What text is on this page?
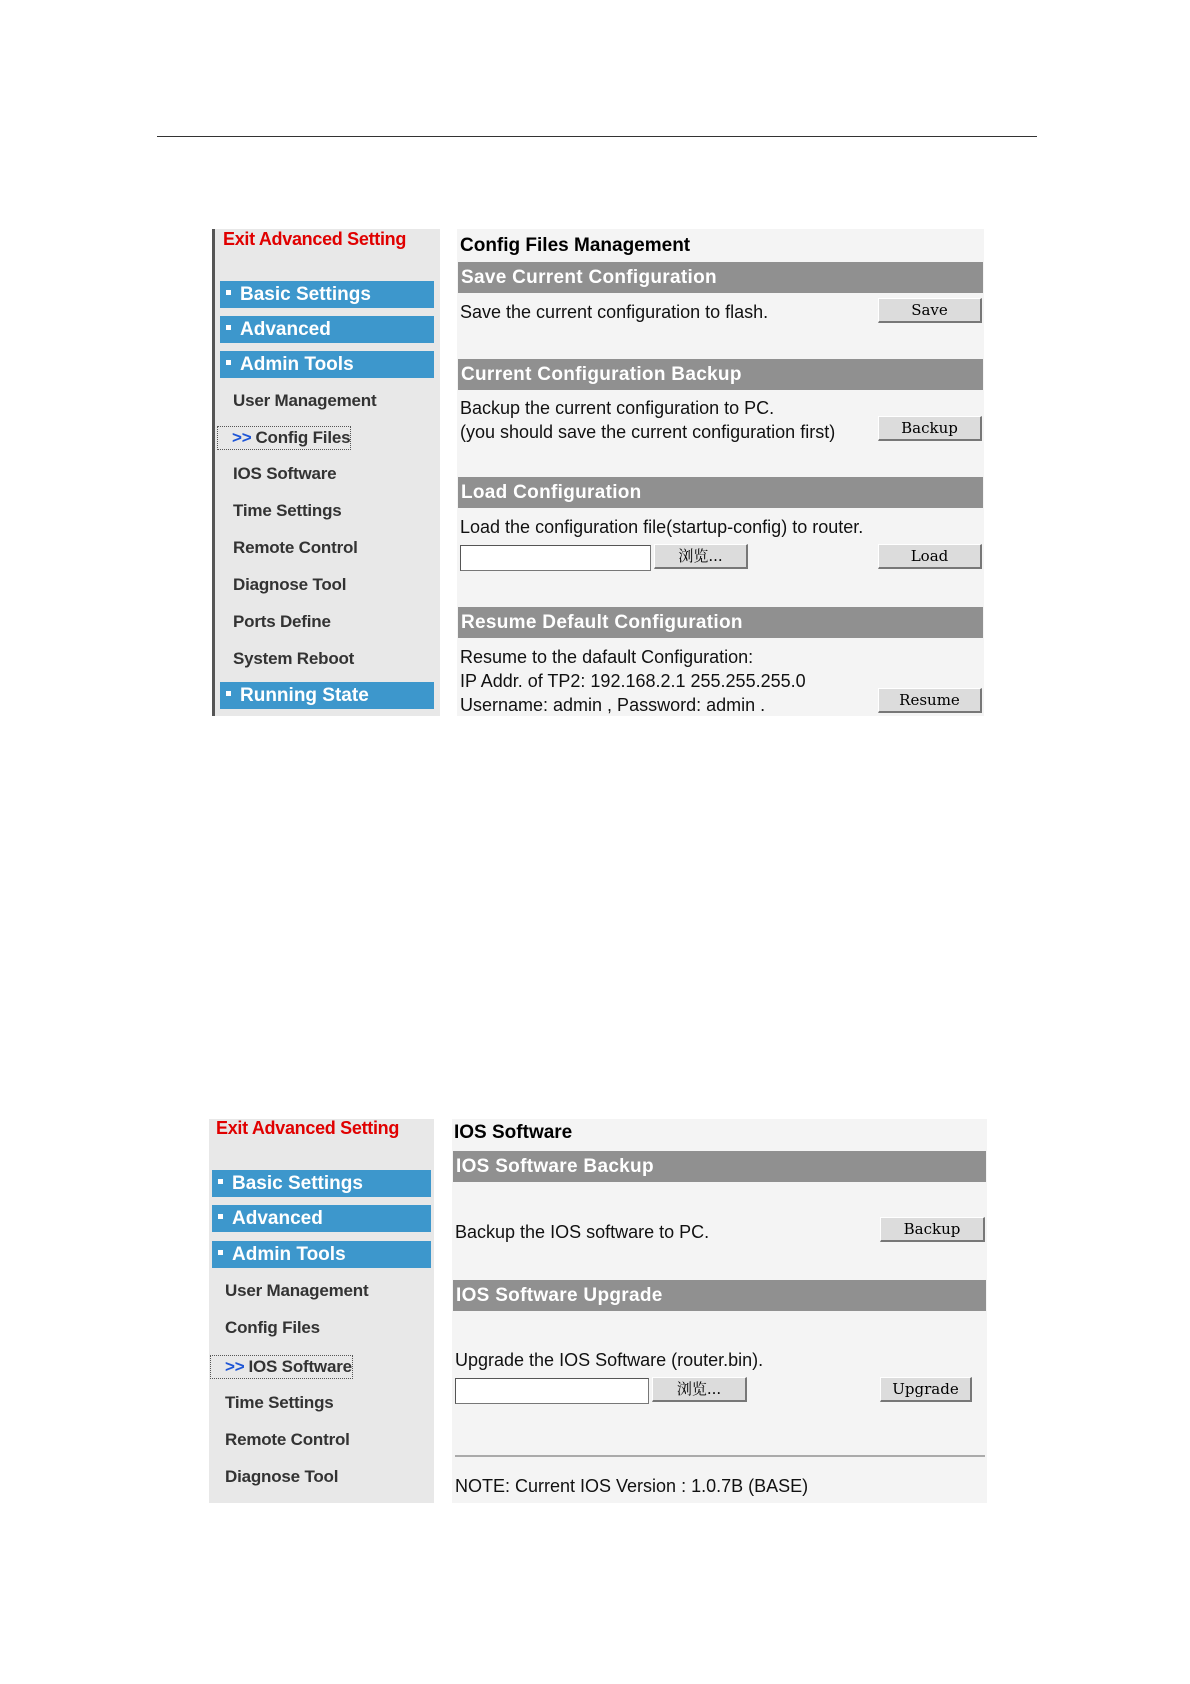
Exit Advanced Setting
Basic Settings
Advanced
Admin Tools
User Management
>> Config Files
IOS Software
Time Settings
Remote Control
Diagnose Tool
Ports Define
System Reboot
Running State
Config Files Management
Save Current Configuration
Save the current configuration to flash.	Save
Current Configuration Backup
Backup the current configuration to PC.
(you should save the current configuration first)	Backup
Load Configuration
Load the configuration file(startup-config) to router.
浏览...	Load
Resume Default Configuration
Resume to the dafault Configuration:
IP Addr. of TP2: 192.168.2.1 255.255.255.0
Username: admin , Password: admin .	Resume
Exit Advanced Setting
Basic Settings
Advanced
Admin Tools
User Management
Config Files
>> IOS Software
Time Settings
Remote Control
Diagnose Tool
IOS Software
IOS Software Backup
Backup the IOS software to PC.	Backup
IOS Software Upgrade
Upgrade the IOS Software (router.bin).
浏览...	Upgrade
NOTE: Current IOS Version : 1.0.7B (BASE)
